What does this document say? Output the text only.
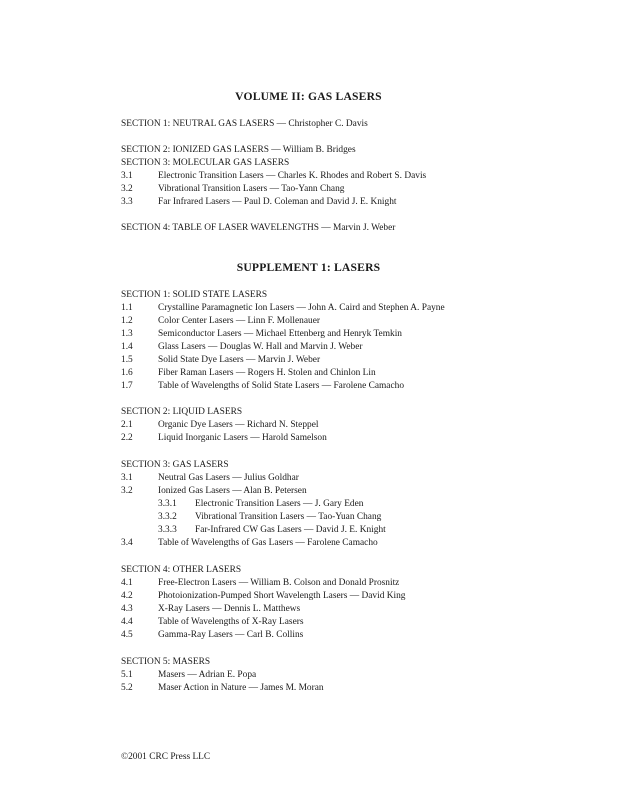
VOLUME II: GAS LASERS
SECTION 1: NEUTRAL GAS LASERS — Christopher C. Davis
SECTION 2: IONIZED GAS LASERS — William B. Bridges
SECTION 3: MOLECULAR GAS LASERS
3.1	Electronic Transition Lasers — Charles K. Rhodes and Robert S. Davis
3.2	Vibrational Transition Lasers — Tao-Yann Chang
3.3	Far Infrared Lasers — Paul D. Coleman and David J. E. Knight
SECTION 4: TABLE OF LASER WAVELENGTHS — Marvin J. Weber
SUPPLEMENT 1: LASERS
SECTION 1: SOLID STATE LASERS
1.1	Crystalline Paramagnetic Ion Lasers — John A. Caird and Stephen A. Payne
1.2	Color Center Lasers — Linn F. Mollenauer
1.3	Semiconductor Lasers — Michael Ettenberg and Henryk Temkin
1.4	Glass Lasers — Douglas W. Hall and Marvin J. Weber
1.5	Solid State Dye Lasers — Marvin J. Weber
1.6	Fiber Raman Lasers — Rogers H. Stolen and Chinlon Lin
1.7	Table of Wavelengths of Solid State Lasers — Farolene Camacho
SECTION 2: LIQUID LASERS
2.1	Organic Dye Lasers — Richard N. Steppel
2.2	Liquid Inorganic Lasers — Harold Samelson
SECTION 3: GAS LASERS
3.1	Neutral Gas Lasers — Julius Goldhar
3.2	Ionized Gas Lasers — Alan B. Petersen
3.3.1 Electronic Transition Lasers — J. Gary Eden
3.3.2 Vibrational Transition Lasers — Tao-Yuan Chang
3.3.3 Far-Infrared CW Gas Lasers — David J. E. Knight
3.4	Table of Wavelengths of Gas Lasers — Farolene Camacho
SECTION 4: OTHER LASERS
4.1	Free-Electron Lasers — William B. Colson and Donald Prosnitz
4.2	Photoionization-Pumped Short Wavelength Lasers — David King
4.3	X-Ray Lasers — Dennis L. Matthews
4.4	Table of Wavelengths of X-Ray Lasers
4.5	Gamma-Ray Lasers — Carl B. Collins
SECTION 5: MASERS
5.1	Masers — Adrian E. Popa
5.2	Maser Action in Nature — James M. Moran
©2001 CRC Press LLC
